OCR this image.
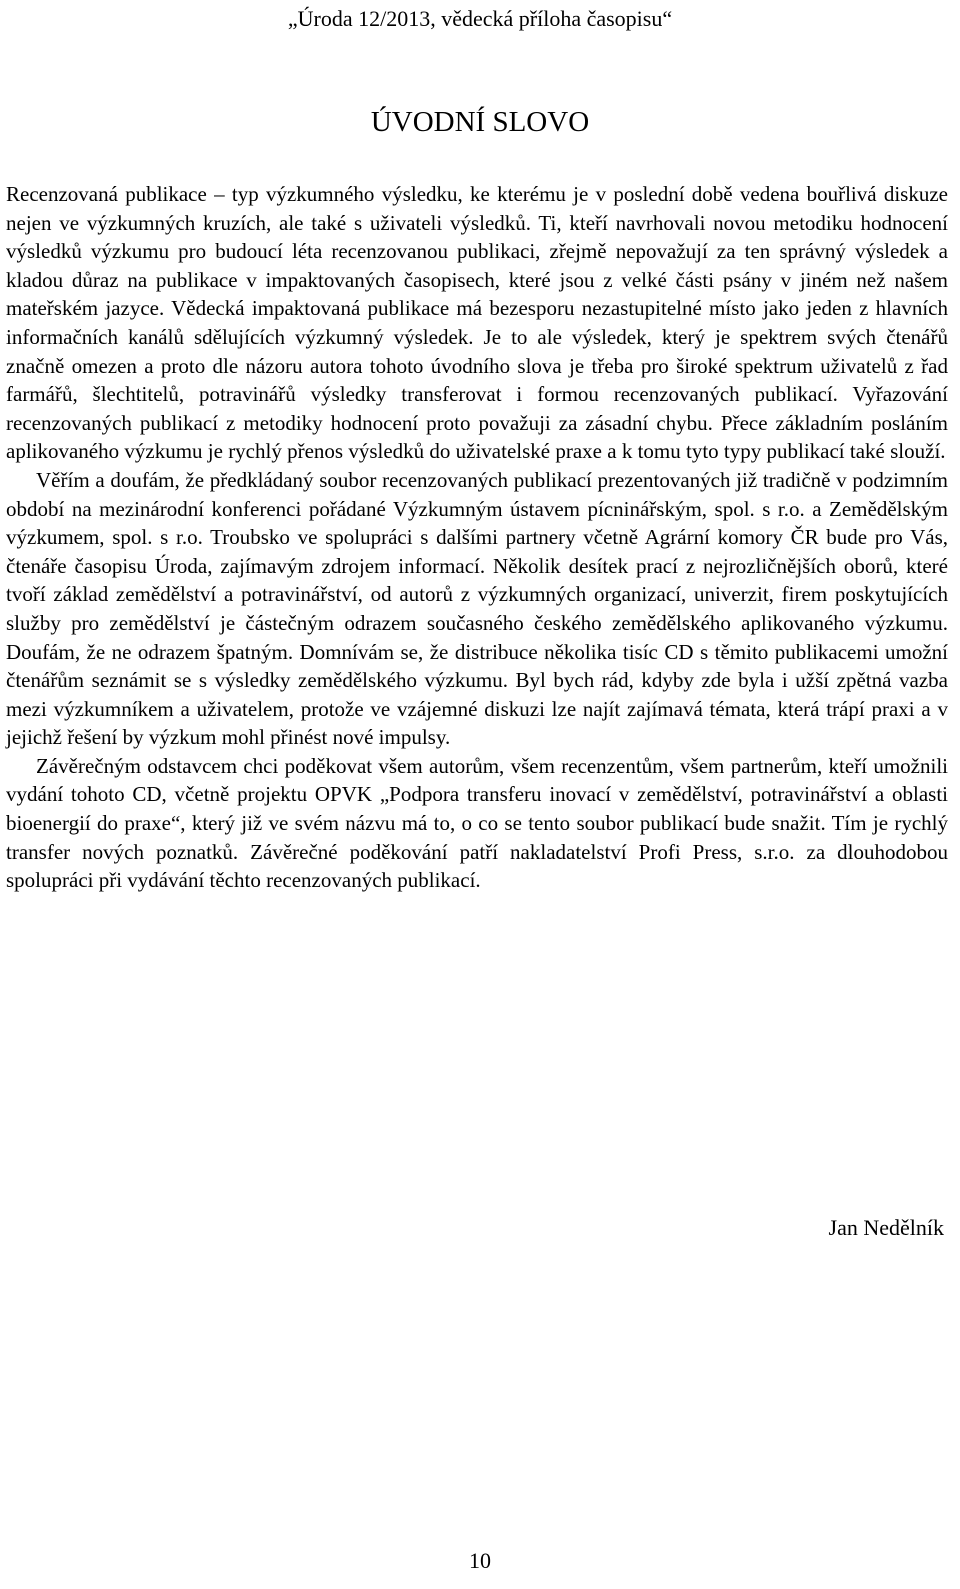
„Úroda 12/2013, vědecká příloha časopisu“
ÚVODNÍ SLOVO

Recenzovaná publikace – typ výzkumného výsledku, ke kterému je v poslední době vedena bouřlivá diskuze nejen ve výzkumných kruzích, ale také s uživateli výsledků. Ti, kteří navrhovali novou metodiku hodnocení výsledků výzkumu pro budoucí léta recenzovanou publikaci, zřejmě nepovažují za ten správný výsledek a kladou důraz na publikace v impaktovaných časopisech, které jsou z velké části psány v jiném než našem mateřském jazyce. Vědecká impaktovaná publikace má bezesporu nezastupitelné místo jako jeden z hlavních informačních kanálů sdělujících výzkumný výsledek. Je to ale výsledek, který je spektrem svých čtenářů značně omezen a proto dle názoru autora tohoto úvodního slova je třeba pro široké spektrum uživatelů z řad farmářů, šlechtitelů, potravinářů výsledky transferovat i formou recenzovaných publikací. Vyřazování recenzovaných publikací z metodiky hodnocení proto považuji za zásadní chybu. Přece základním posláním aplikovaného výzkumu je rychlý přenos výsledků do uživatelské praxe a k tomu tyto typy publikací také slouží.

Věřím a doufám, že předkládaný soubor recenzovaných publikací prezentovaných již tradičně v podzimním období na mezinárodní konferenci pořádané Výzkumným ústavem pícninářským, spol. s r.o. a Zemědělským výzkumem, spol. s r.o. Troubsko ve spolupráci s dalšími partnery včetně Agrární komory ČR bude pro Vás, čtenáře časopisu Úroda, zajímavým zdrojem informací. Několik desítek prací z nejrozličnějších oborů, které tvoří základ zemědělství a potravinářství, od autorů z výzkumných organizací, univerzit, firem poskytujících služby pro zemědělství je částečným odrazem současného českého zemědělského aplikovaného výzkumu. Doufám, že ne odrazem špatným. Domnívám se, že distribuce několika tisíc CD s těmito publikacemi umožní čtenářům seznámit se s výsledky zemědělského výzkumu. Byl bych rád, kdyby zde byla i užší zpětná vazba mezi výzkumníkem a uživatelem, protože ve vzájemné diskuzi lze najít zajímavá témata, která trápí praxi a v jejichž řešení by výzkum mohl přinést nové impulsy.

Závěrečným odstavcem chci poděkovat všem autorům, všem recenzentům, všem partnerům, kteří umožnili vydání tohoto CD, včetně projektu OPVK „Podpora transferu inovací v zemědělství, potravinářství a oblasti bioenergií do praxe“, který již ve svém názvu má to, o co se tento soubor publikací bude snažit. Tím je rychlý transfer nových poznatků. Závěrečné poděkování patří nakladatelství Profi Press, s.r.o. za dlouhodobou spolupráci při vydávání těchto recenzovaných publikací.

Jan Nedělník
10
